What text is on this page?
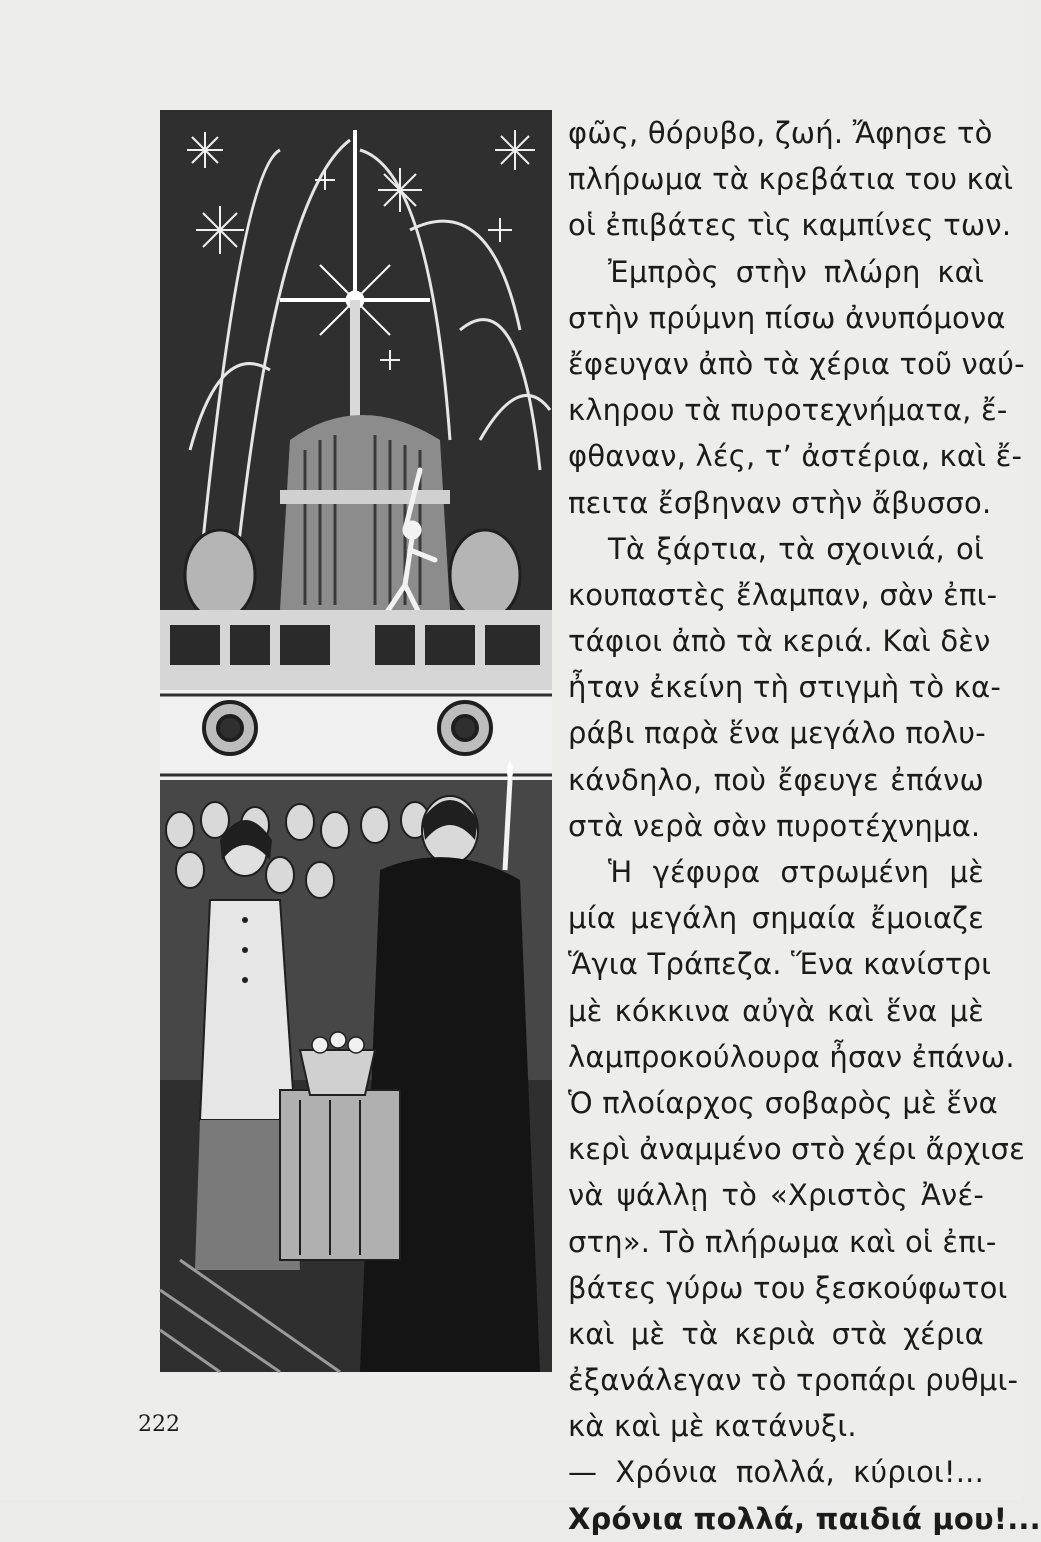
φῶς, θόρυβο, ζωή. Ἄφησε τὸ
πλήρωμα τὰ κρεβάτια του καὶ
οἱ ἐπιβάτες τὶς καμπίνες των.
Ἐμπρὸς στὴν πλώρη καὶ
στὴν πρύμνη πίσω ἀνυπόμονα
ἔφευγαν ἀπὸ τὰ χέρια τοῦ ναύ-
κληρου τὰ πυροτεχνήματα, ἔ-
φθαναν, λές, τ’ ἀστέρια, καὶ ἔ-
πειτα ἔσβηναν στὴν ἄβυσσο.
Τὰ ξάρτια, τὰ σχοινιά, οἱ
κουπαστὲς ἔλαμπαν, σὰν ἐπι-
τάφιοι ἀπὸ τὰ κεριά. Καὶ δὲν
ἦταν ἐκείνη τὴ στιγμὴ τὸ κα-
ράβι παρὰ ἕνα μεγάλο πολυ-
κάνδηλο, ποὺ ἔφευγε ἐπάνω
στὰ νερὰ σὰν πυροτέχνημα.
Ἡ γέφυρα στρωμένη μὲ
μία μεγάλη σημαία ἔμοιαζε
Ἅγια Τράπεζα. Ἕνα κανίστρι
μὲ κόκκινα αὐγὰ καὶ ἕνα μὲ
λαμπροκούλουρα ἦσαν ἐπάνω.
Ὁ πλοίαρχος σοβαρὸς μὲ ἕνα
κερὶ ἀναμμένο στὸ χέρι ἄρχισε
νὰ ψάλλῃ τὸ «Χριστὸς Ἀνέ-
στη». Τὸ πλήρωμα καὶ οἱ ἐπι-
βάτες γύρω του ξεσκούφωτοι
καὶ μὲ τὰ κεριὰ στὰ χέρια
ἐξανάλεγαν τὸ τροπάρι ρυθμι-
κὰ καὶ μὲ κατάνυξι.
— Χρόνια πολλά, κύριοι!...
Χρόνια πολλά, παιδιά μου!...
222
